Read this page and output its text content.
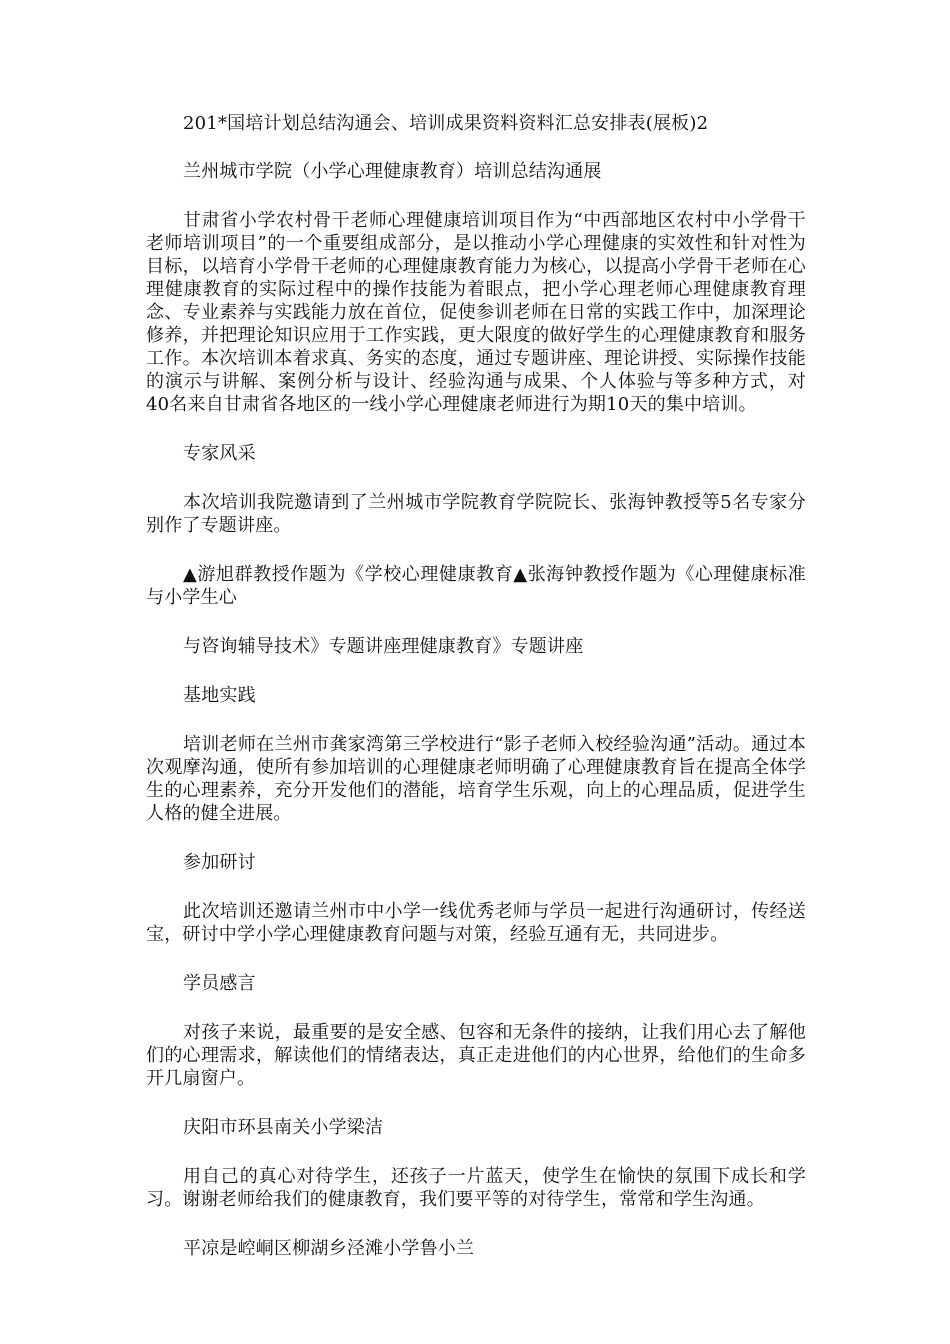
201*国培计划总结沟通会、培训成果资料资料汇总安排表(展板)2

兰州城市学院（小学心理健康教育）培训总结沟通展

甘肃省小学农村骨干老师心理健康培训项目作为“中西部地区农村中小学骨干老师培训项目”的一个重要组成部分，是以推动小学心理健康的实效性和针对性为目标，以培育小学骨干老师的心理健康教育能力为核心，以提高小学骨干老师在心理健康教育的实际过程中的操作技能为着眼点，把小学心理老师心理健康教育理念、专业素养与实践能力放在首位，促使参训老师在日常的实践工作中，加深理论修养，并把理论知识应用于工作实践，更大限度的做好学生的心理健康教育和服务工作。本次培训本着求真、务实的态度，通过专题讲座、理论讲授、实际操作技能的演示与讲解、案例分析与设计、经验沟通与成果、个人体验与等多种方式，对40名来自甘肃省各地区的一线小学心理健康老师进行为期10天的集中培训。

专家风采

本次培训我院邀请到了兰州城市学院教育学院院长、张海钟教授等5名专家分别作了专题讲座。

▲游旭群教授作题为《学校心理健康教育▲张海钟教授作题为《心理健康标准与小学生心

与咨询辅导技术》专题讲座理健康教育》专题讲座

基地实践

培训老师在兰州市龚家湾第三学校进行“影子老师入校经验沟通”活动。通过本次观摩沟通，使所有参加培训的心理健康老师明确了心理健康教育旨在提高全体学生的心理素养，充分开发他们的潜能，培育学生乐观，向上的心理品质，促进学生人格的健全进展。

参加研讨

此次培训还邀请兰州市中小学一线优秀老师与学员一起进行沟通研讨，传经送宝，研讨中学小学心理健康教育问题与对策，经验互通有无，共同进步。

学员感言

对孩子来说，最重要的是安全感、包容和无条件的接纳，让我们用心去了解他们的心理需求，解读他们的情绪表达，真正走进他们的内心世界，给他们的生命多开几扇窗户。

庆阳市环县南关小学梁洁

用自己的真心对待学生，还孩子一片蓝天，使学生在愉快的氛围下成长和学习。谢谢老师给我们的健康教育，我们要平等的对待学生，常常和学生沟通。

平凉是崆峒区柳湖乡泾滩小学鲁小兰
